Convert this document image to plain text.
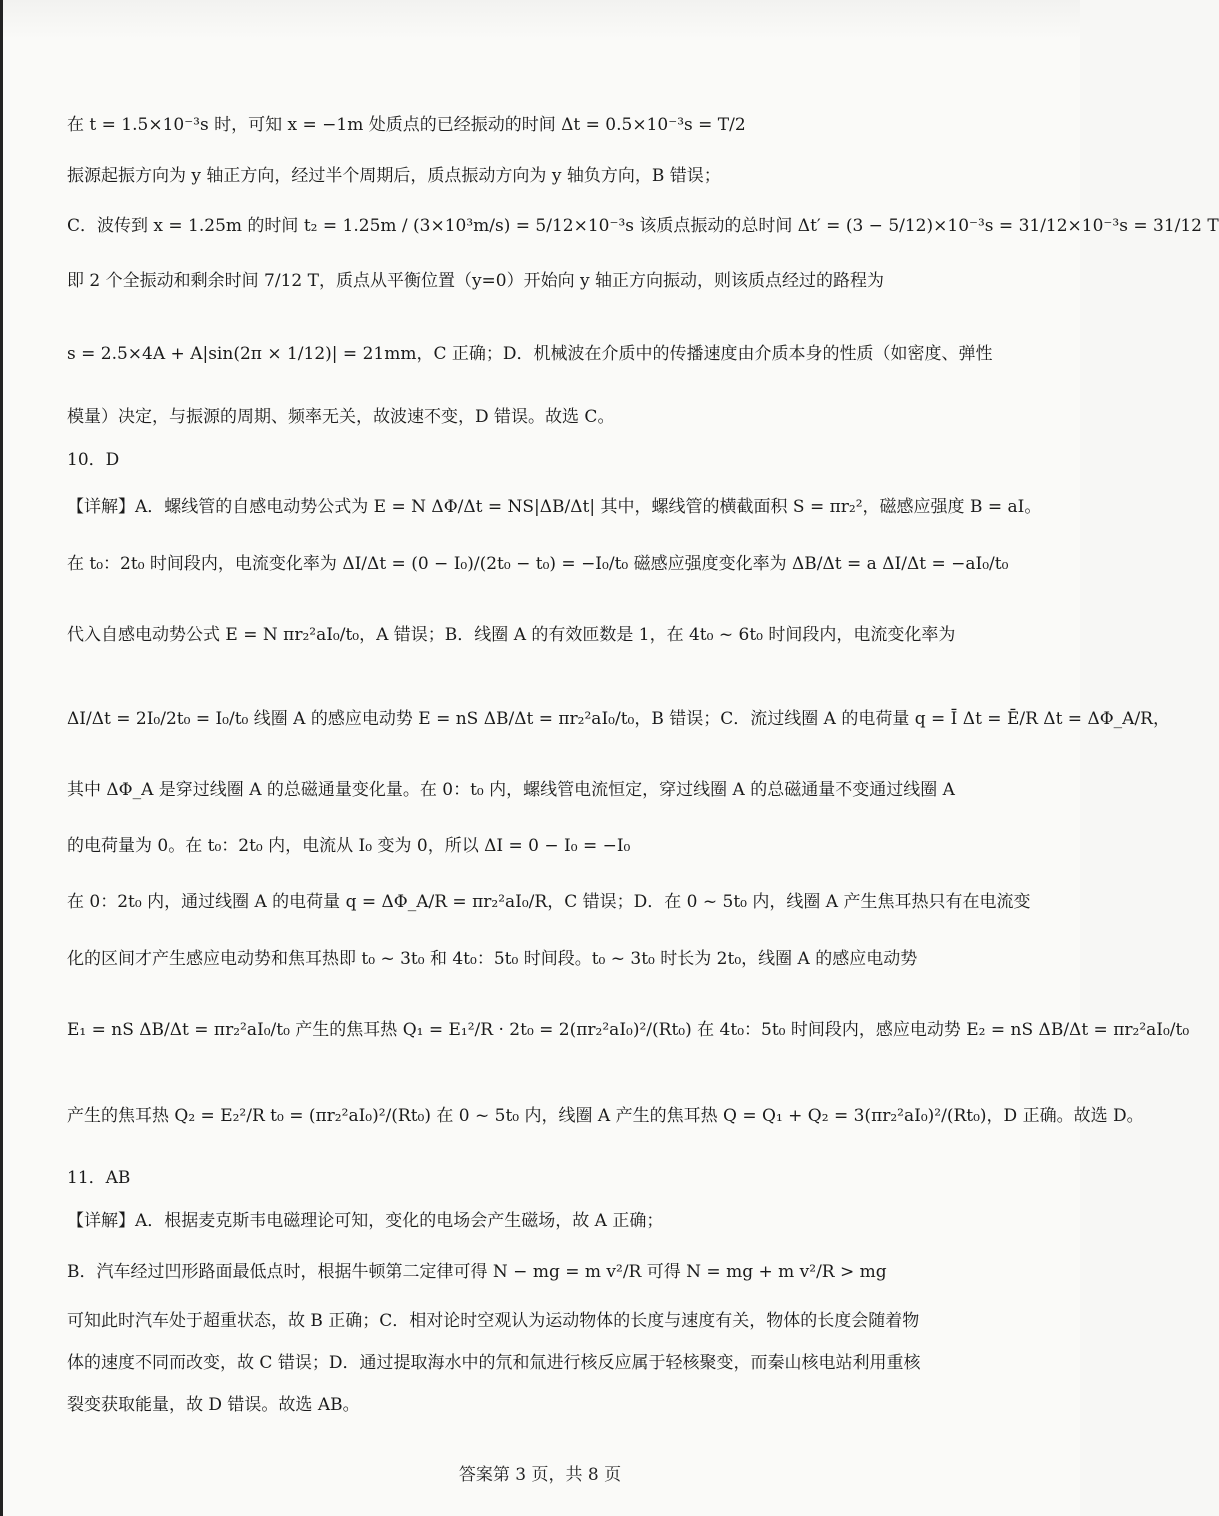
在 t = 1.5×10⁻³s 时，可知 x = −1m 处质点的已经振动的时间 Δt = 0.5×10⁻³s = T/2
振源起振方向为 y 轴正方向，经过半个周期后，质点振动方向为 y 轴负方向，B 错误；
C．波传到 x = 1.25m 的时间 t₂ = 1.25m / (3×10³m/s) = 5/12×10⁻³s 该质点振动的总时间 Δt′ = (3 − 5/12)×10⁻³s = 31/12×10⁻³s = 31/12 T
即 2 个全振动和剩余时间 7/12 T，质点从平衡位置（y=0）开始向 y 轴正方向振动，则该质点经过的路程为
s = 2.5×4A + A|sin(2π × 1/12)| = 21mm，C 正确；D．机械波在介质中的传播速度由介质本身的性质（如密度、弹性
模量）决定，与振源的周期、频率无关，故波速不变，D 错误。故选 C。
10．D
【详解】A．螺线管的自感电动势公式为 E = N ΔΦ/Δt = NS|ΔB/Δt| 其中，螺线管的横截面积 S = πr₂²，磁感应强度 B = aI。
在 t₀：2t₀ 时间段内，电流变化率为 ΔI/Δt = (0 − I₀)/(2t₀ − t₀) = −I₀/t₀ 磁感应强度变化率为 ΔB/Δt = a ΔI/Δt = −aI₀/t₀
代入自感电动势公式 E = N πr₂²aI₀/t₀，A 错误；B．线圈 A 的有效匝数是 1，在 4t₀ ~ 6t₀ 时间段内，电流变化率为
ΔI/Δt = 2I₀/2t₀ = I₀/t₀ 线圈 A 的感应电动势 E = nS ΔB/Δt = πr₂²aI₀/t₀，B 错误；C．流过线圈 A 的电荷量 q = Ī Δt = Ē/R Δt = ΔΦ_A/R，
其中 ΔΦ_A 是穿过线圈 A 的总磁通量变化量。在 0：t₀ 内，螺线管电流恒定，穿过线圈 A 的总磁通量不变通过线圈 A
的电荷量为 0。在 t₀：2t₀ 内，电流从 I₀ 变为 0，所以 ΔI = 0 − I₀ = −I₀
在 0：2t₀ 内，通过线圈 A 的电荷量 q = ΔΦ_A/R = πr₂²aI₀/R，C 错误；D．在 0 ~ 5t₀ 内，线圈 A 产生焦耳热只有在电流变
化的区间才产生感应电动势和焦耳热即 t₀ ~ 3t₀ 和 4t₀：5t₀ 时间段。t₀ ~ 3t₀ 时长为 2t₀，线圈 A 的感应电动势
E₁ = nS ΔB/Δt = πr₂²aI₀/t₀ 产生的焦耳热 Q₁ = E₁²/R · 2t₀ = 2(πr₂²aI₀)²/(Rt₀) 在 4t₀：5t₀ 时间段内，感应电动势 E₂ = nS ΔB/Δt = πr₂²aI₀/t₀
产生的焦耳热 Q₂ = E₂²/R t₀ = (πr₂²aI₀)²/(Rt₀) 在 0 ~ 5t₀ 内，线圈 A 产生的焦耳热 Q = Q₁ + Q₂ = 3(πr₂²aI₀)²/(Rt₀)，D 正确。故选 D。
11．AB
【详解】A．根据麦克斯韦电磁理论可知，变化的电场会产生磁场，故 A 正确；
B．汽车经过凹形路面最低点时，根据牛顿第二定律可得 N − mg = m v²/R 可得 N = mg + m v²/R > mg
可知此时汽车处于超重状态，故 B 正确；C．相对论时空观认为运动物体的长度与速度有关，物体的长度会随着物
体的速度不同而改变，故 C 错误；D．通过提取海水中的氘和氚进行核反应属于轻核聚变，而秦山核电站利用重核
裂变获取能量，故 D 错误。故选 AB。
答案第 3 页，共 8 页
